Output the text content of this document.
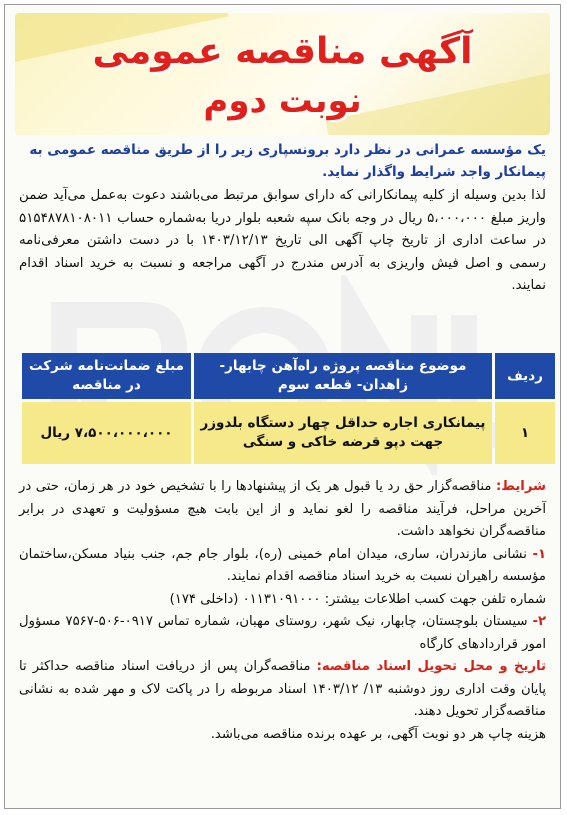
آگهی مناقصه عمومی
نوبت دوم
یک مؤسسه عمرانی در نظر دارد برونسپاری زیر را از طریق مناقصه عمومی به پیمانکار واجد شرایط واگذار نماید.
لذا بدین وسیله از کلیه پیمانکارانی که دارای سوابق مرتبط می‌باشند دعوت به‌عمل می‌آید ضمن واریز مبلغ ۵،۰۰۰،۰۰۰ ریال در وجه بانک سپه شعبه بلوار دریا به‌شماره حساب ۵۱۵۴۸۷۸۱۰۸۰۱۱ در ساعت اداری از تاریخ چاپ آگهی الی تاریخ ۱۴۰۳/۱۲/۱۳ با در دست داشتن معرفی‌نامه رسمی و اصل فیش واریزی به آدرس مندرج در آگهی مراجعه و نسبت به خرید اسناد اقدام نمایند.
ردیف	موضوع مناقصه پروژه راه‌آهن چابهار-زاهدان- قطعه سوم	مبلغ ضمانت‌نامه شرکت در مناقصه
۱	پیمانکاری اجاره حداقل چهار دستگاه بلدوزر جهت دپو قرضه خاکی و سنگی	۷،۵۰۰،۰۰۰،۰۰۰ ریال

شرایط: مناقصه‌گزار حق رد یا قبول هر یک از پیشنهادها را با تشخیص خود در هر زمان، حتی در آخرین مراحل، فرآیند مناقصه را لغو نماید و از این بابت هیچ مسؤولیت و تعهدی در برابر مناقصه‌گران نخواهد داشت.

۱- نشانی مازندران، ساری، میدان امام خمینی (ره)، بلوار جام جم، جنب بنیاد مسکن،ساختمان مؤسسه راهیران نسبت به خرید اسناد مناقصه اقدام نمایند.

شماره تلفن جهت کسب اطلاعات بیشتر: ۰۱۱۳۱۰۹۱۰۰۰ (داخلی ۱۷۴)

۲- سیستان بلوچستان، چابهار، نیک شهر، روستای مهبان، شماره تماس ۰۹۱۷-۵۰۶-۷۵۶۷ مسؤول امور قراردادهای کارگاه

تاریخ و محل تحویل اسناد مناقصه: مناقصه‌گران پس از دریافت اسناد مناقصه حداکثر تا پایان وقت اداری روز دوشنبه ۱۳/ ۱۴۰۳/۱۲ اسناد مربوطه را در پاکت لاک و مهر شده به نشانی مناقصه‌گزار تحویل دهند.

هزینه چاپ هر دو نوبت آگهی، بر عهده برنده مناقصه می‌باشد.
